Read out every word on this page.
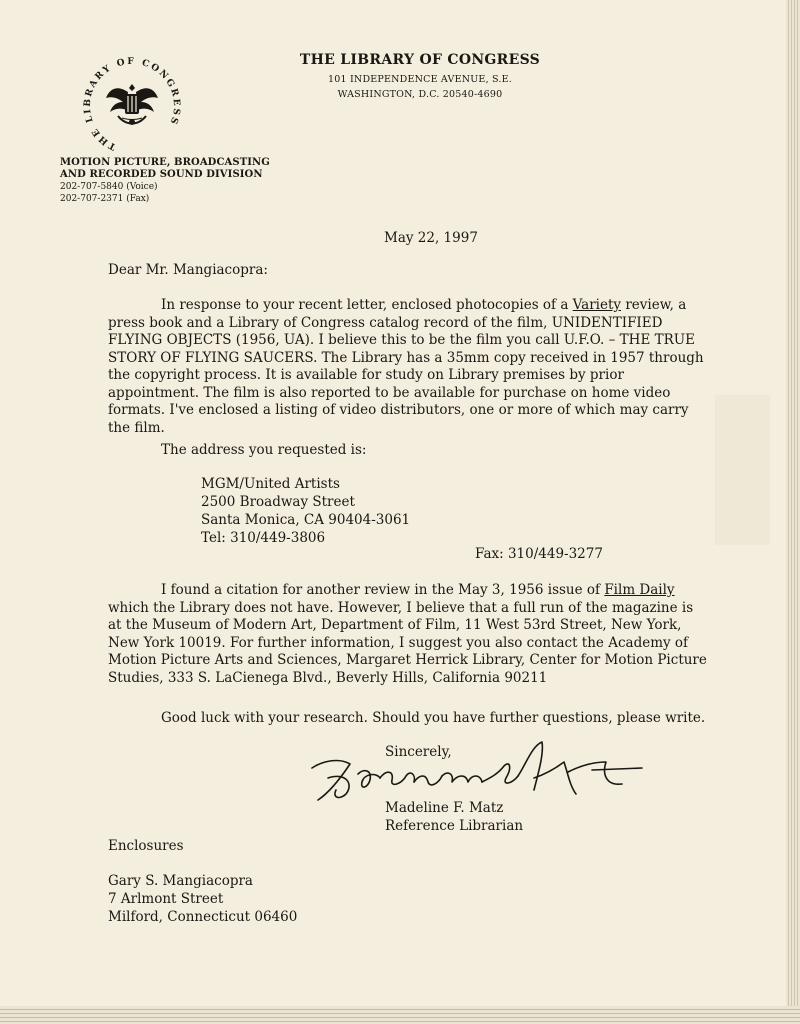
THE LIBRARY OF CONGRESS
THE LIBRARY OF CONGRESS
101 INDEPENDENCE AVENUE, S.E.
WASHINGTON, D.C. 20540-4690
MOTION PICTURE, BROADCASTING
AND RECORDED SOUND DIVISION
202-707-5840 (Voice)
202-707-2371 (Fax)
May 22, 1997
Dear Mr. Mangiacopra:
In response to your recent letter, enclosed photocopies of a Variety review, a press book and a Library of Congress catalog record of the film, UNIDENTIFIED FLYING OBJECTS (1956, UA). I believe this to be the film you call U.F.O. – THE TRUE STORY OF FLYING SAUCERS. The Library has a 35mm copy received in 1957 through the copyright process. It is available for study on Library premises by prior appointment. The film is also reported to be available for purchase on home video formats. I've enclosed a listing of video distributors, one or more of which may carry the film.
The address you requested is:
MGM/United Artists
2500 Broadway Street
Santa Monica, CA 90404-3061
Tel: 310/449-3806
Fax: 310/449-3277
I found a citation for another review in the May 3, 1956 issue of Film Daily which the Library does not have. However, I believe that a full run of the magazine is at the Museum of Modern Art, Department of Film, 11 West 53rd Street, New York, New York 10019. For further information, I suggest you also contact the Academy of Motion Picture Arts and Sciences, Margaret Herrick Library, Center for Motion Picture Studies, 333 S. LaCienega Blvd., Beverly Hills, California 90211
Good luck with your research. Should you have further questions, please write.
Sincerely,
Madeline F. Matz
Reference Librarian
Enclosures
Gary S. Mangiacopra
7 Arlmont Street
Milford, Connecticut 06460
